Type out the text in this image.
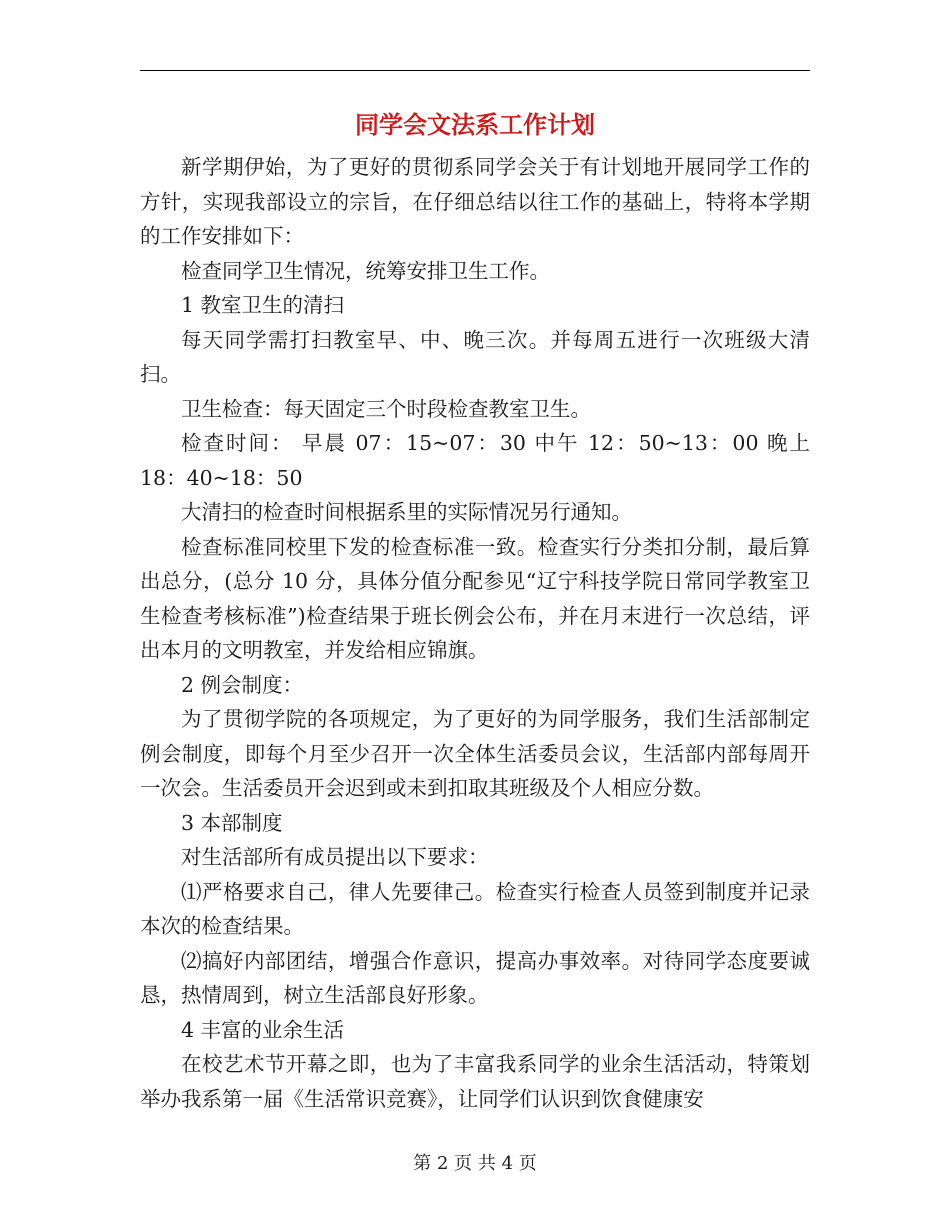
同学会文法系工作计划

新学期伊始，为了更好的贯彻系同学会关于有计划地开展同学工作的方针，实现我部设立的宗旨，在仔细总结以往工作的基础上，特将本学期的工作安排如下：

检查同学卫生情况，统筹安排卫生工作。

1 教室卫生的清扫

每天同学需打扫教室早、中、晚三次。并每周五进行一次班级大清扫。

卫生检查：每天固定三个时段检查教室卫生。

检查时间： 早晨 07：15~07：30 中午 12：50~13：00 晚上 18：40~18：50

大清扫的检查时间根据系里的实际情况另行通知。

检查标准同校里下发的检查标准一致。检查实行分类扣分制，最后算出总分，(总分 10 分，具体分值分配参见“辽宁科技学院日常同学教室卫生检查考核标准”)检查结果于班长例会公布，并在月末进行一次总结，评出本月的文明教室，并发给相应锦旗。

2 例会制度：

为了贯彻学院的各项规定，为了更好的为同学服务，我们生活部制定例会制度，即每个月至少召开一次全体生活委员会议，生活部内部每周开一次会。生活委员开会迟到或未到扣取其班级及个人相应分数。

3 本部制度

对生活部所有成员提出以下要求：

⑴严格要求自己，律人先要律己。检查实行检查人员签到制度并记录本次的检查结果。

⑵搞好内部团结，增强合作意识，提高办事效率。对待同学态度要诚恳，热情周到，树立生活部良好形象。

4 丰富的业余生活

在校艺术节开幕之即，也为了丰富我系同学的业余生活活动，特策划举办我系第一届《生活常识竞赛》，让同学们认识到饮食健康安

第 2 页 共 4 页
